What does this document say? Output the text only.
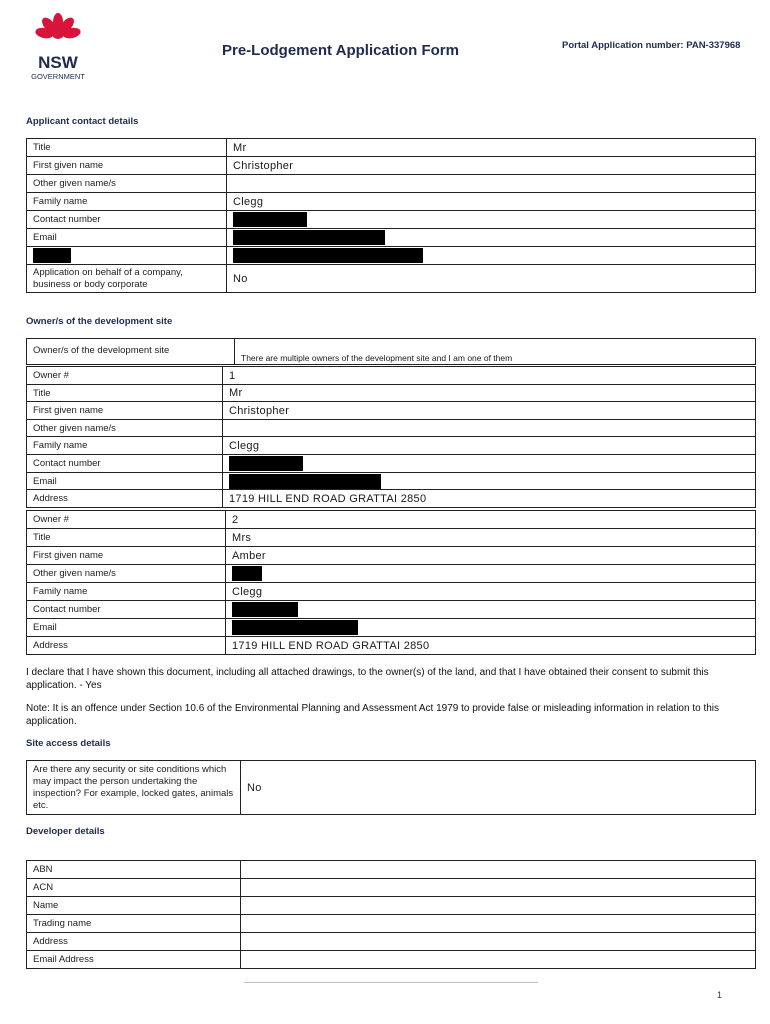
NSW
GOVERNMENT
Pre-Lodgement Application Form	Portal Application number: PAN-337968
Applicant contact details
Title	Mr
First given name	Christopher
Other given name/s	
Family name	Clegg
Contact number	
Email	

Application on behalf of a company, business or body corporate	No
Owner/s of the development site
Owner/s of the development site	There are multiple owners of the development site and I am one of them
Owner #	1
Title	Mr
First given name	Christopher
Other given name/s	
Family name	Clegg
Contact number	
Email	
Address	1719 HILL END ROAD GRATTAI 2850
Owner #	2
Title	Mrs
First given name	Amber
Other given name/s	
Family name	Clegg
Contact number	
Email	
Address	1719 HILL END ROAD GRATTAI 2850
I declare that I have shown this document, including all attached drawings, to the owner(s) of the land, and that I have obtained their consent to submit this application. - Yes
Note: It is an offence under Section 10.6 of the Environmental Planning and Assessment Act 1979 to provide false or misleading information in relation to this application.
Site access details
Are there any security or site conditions which may impact the person undertaking the inspection? For example, locked gates, animals etc.	No
Developer details
ABN	
ACN	
Name	
Trading name	
Address	
Email Address	
1
